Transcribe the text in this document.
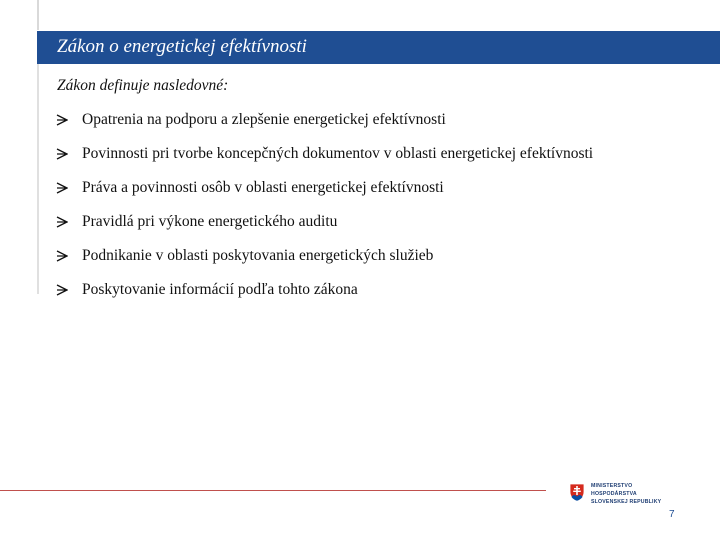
Zákon o energetickej efektívnosti
Zákon definuje nasledovné:
Opatrenia na podporu a zlepšenie energetickej efektívnosti
Povinnosti pri tvorbe koncepčných dokumentov v oblasti energetickej efektívnosti
Práva a povinnosti osôb v oblasti energetickej efektívnosti
Pravidlá pri výkone energetického auditu
Podnikanie v oblasti poskytovania energetických služieb
Poskytovanie informácií podľa tohto zákona
MINISTERSTVO
HOSPODÁRSTVA
SLOVENSKEJ REPUBLIKY
7
